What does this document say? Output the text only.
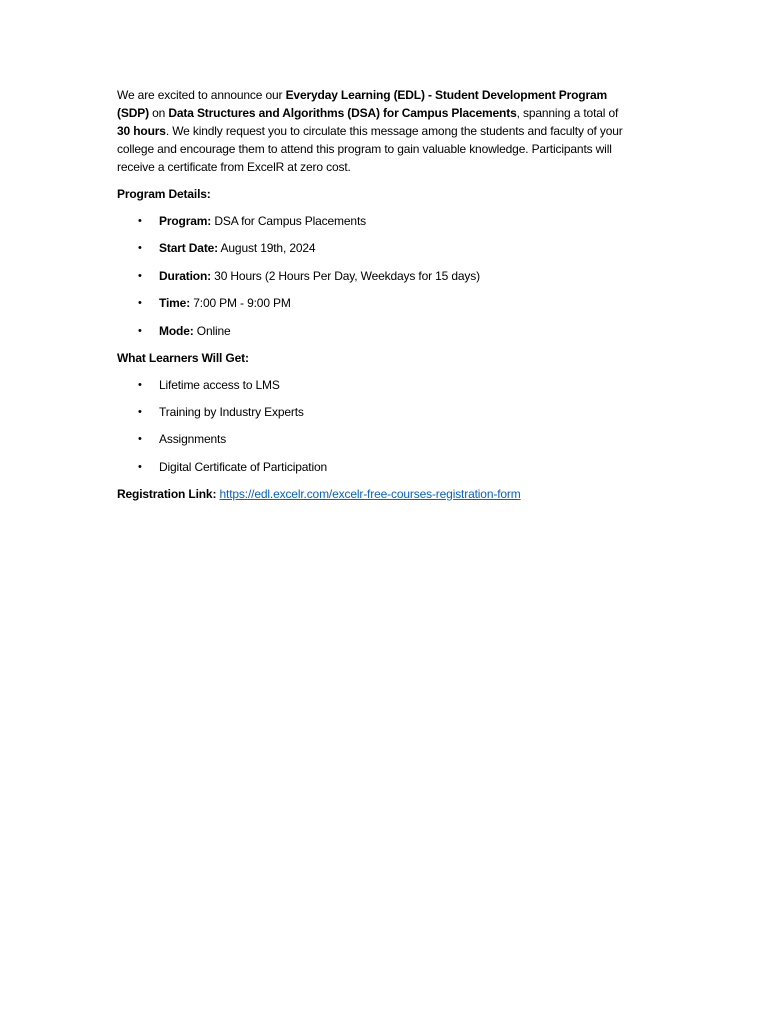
We are excited to announce our Everyday Learning (EDL) - Student Development Program (SDP) on Data Structures and Algorithms (DSA) for Campus Placements, spanning a total of 30 hours. We kindly request you to circulate this message among the students and faculty of your college and encourage them to attend this program to gain valuable knowledge. Participants will receive a certificate from ExcelR at zero cost.

Program Details:

• Program: DSA for Campus Placements
• Start Date: August 19th, 2024
• Duration: 30 Hours (2 Hours Per Day, Weekdays for 15 days)
• Time: 7:00 PM - 9:00 PM
• Mode: Online

What Learners Will Get:

• Lifetime access to LMS
• Training by Industry Experts
• Assignments
• Digital Certificate of Participation

Registration Link: https://edl.excelr.com/excelr-free-courses-registration-form
